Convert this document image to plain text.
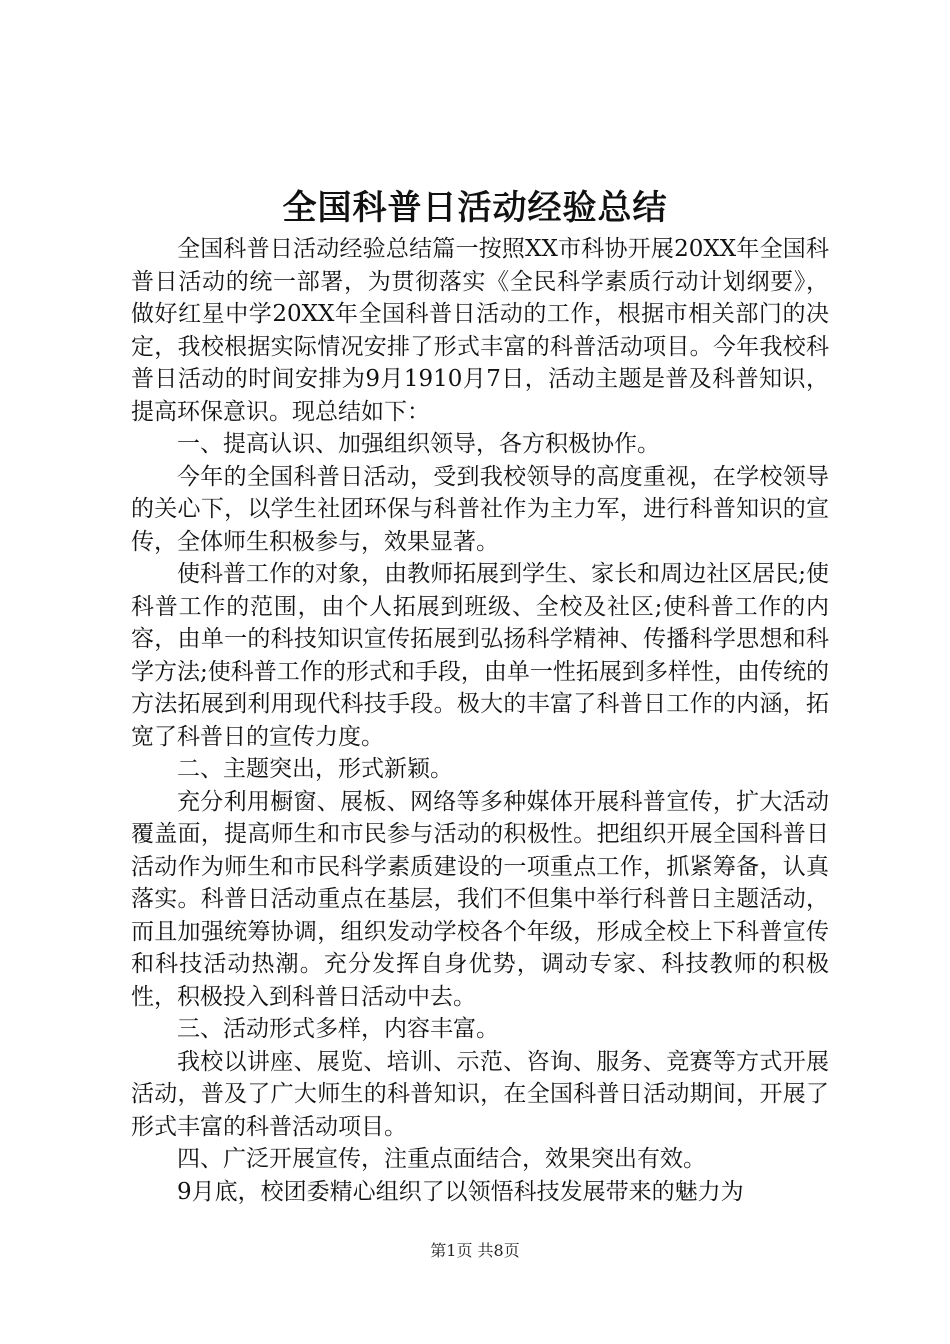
全国科普日活动经验总结

全国科普日活动经验总结篇一按照XX市科协开展20XX年全国科普日活动的统一部署，为贯彻落实《全民科学素质行动计划纲要》，做好红星中学20XX年全国科普日活动的工作，根据市相关部门的决定，我校根据实际情况安排了形式丰富的科普活动项目。今年我校科普日活动的时间安排为9月1910月7日，活动主题是普及科普知识，提高环保意识。现总结如下：

一、提高认识、加强组织领导，各方积极协作。

今年的全国科普日活动，受到我校领导的高度重视，在学校领导的关心下，以学生社团环保与科普社作为主力军，进行科普知识的宣传，全体师生积极参与，效果显著。

使科普工作的对象，由教师拓展到学生、家长和周边社区居民;使科普工作的范围，由个人拓展到班级、全校及社区;使科普工作的内容，由单一的科技知识宣传拓展到弘扬科学精神、传播科学思想和科学方法;使科普工作的形式和手段，由单一性拓展到多样性，由传统的方法拓展到利用现代科技手段。极大的丰富了科普日工作的内涵，拓宽了科普日的宣传力度。

二、主题突出，形式新颖。

充分利用橱窗、展板、网络等多种媒体开展科普宣传，扩大活动覆盖面，提高师生和市民参与活动的积极性。把组织开展全国科普日活动作为师生和市民科学素质建设的一项重点工作，抓紧筹备，认真落实。科普日活动重点在基层，我们不但集中举行科普日主题活动，而且加强统筹协调，组织发动学校各个年级，形成全校上下科普宣传和科技活动热潮。充分发挥自身优势，调动专家、科技教师的积极性，积极投入到科普日活动中去。

三、活动形式多样，内容丰富。

我校以讲座、展览、培训、示范、咨询、服务、竞赛等方式开展活动，普及了广大师生的科普知识，在全国科普日活动期间，开展了形式丰富的科普活动项目。

四、广泛开展宣传，注重点面结合，效果突出有效。

9月底，校团委精心组织了以领悟科技发展带来的魅力为

第1页 共8页
